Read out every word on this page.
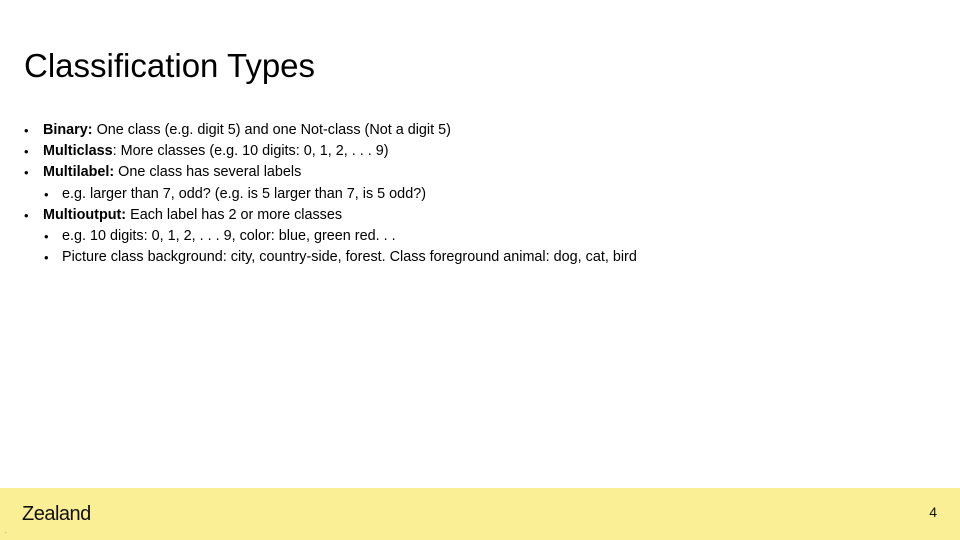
Classification Types
• Binary: One class (e.g. digit 5) and one Not-class (Not a digit 5)
• Multiclass: More classes (e.g. 10 digits: 0, 1, 2, . . . 9)
• Multilabel: One class has several labels
• e.g. larger than 7, odd? (e.g. is 5 larger than 7, is 5 odd?)
• Multioutput: Each label has 2 or more classes
• e.g. 10 digits: 0, 1, 2, . . . 9, color: blue, green red. . .
• Picture class background: city, country-side, forest. Class foreground animal: dog, cat, bird
Zealand	4
.
